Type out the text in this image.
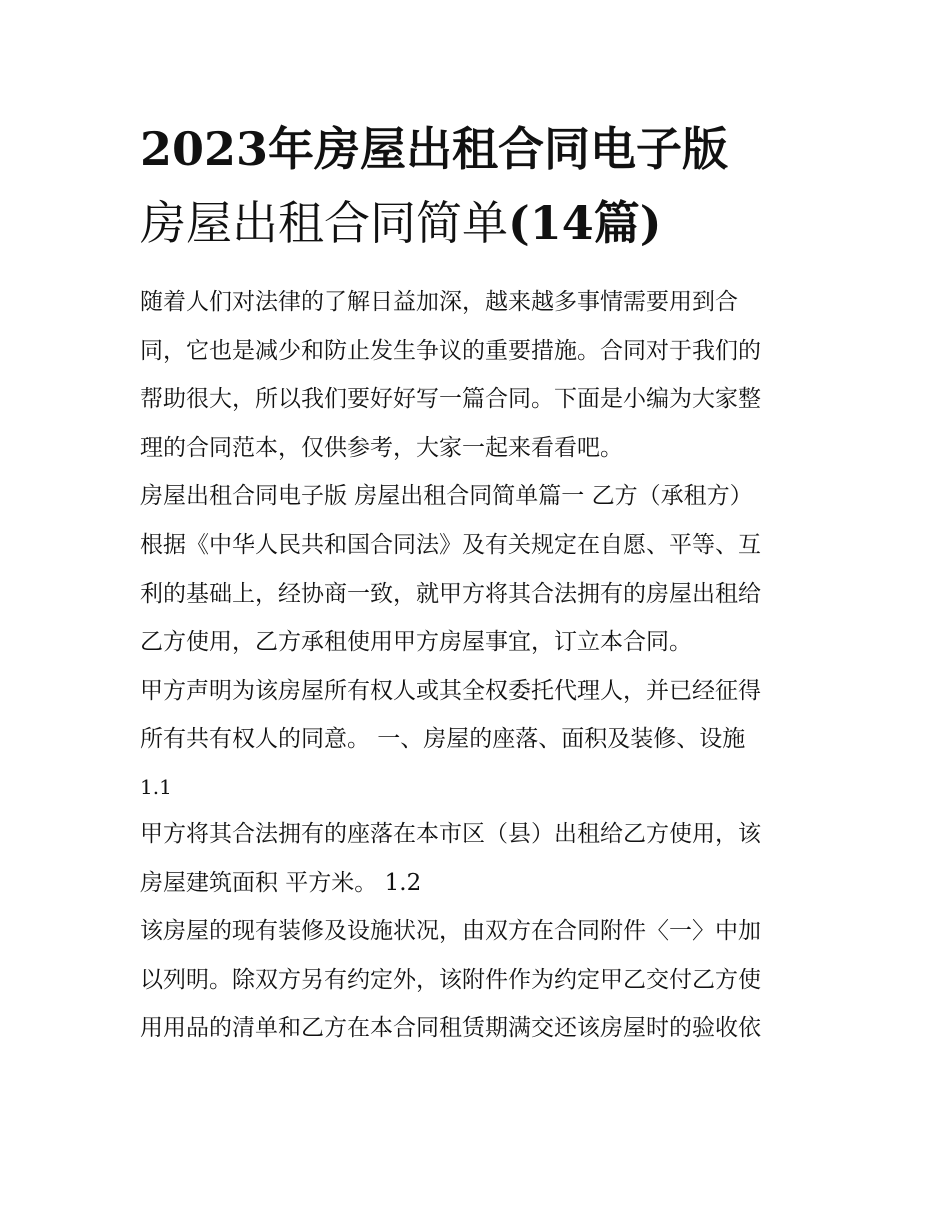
2023年房屋出租合同电子版
房屋出租合同简单(14篇)

随着人们对法律的了解日益加深，越来越多事情需要用到合

同，它也是减少和防止发生争议的重要措施。合同对于我们的

帮助很大，所以我们要好好写一篇合同。下面是小编为大家整

理的合同范本，仅供参考，大家一起来看看吧。

房屋出租合同电子版 房屋出租合同简单篇一 乙方（承租方）

根据《中华人民共和国合同法》及有关规定在自愿、平等、互

利的基础上，经协商一致，就甲方将其合法拥有的房屋出租给

乙方使用，乙方承租使用甲方房屋事宜，订立本合同。

甲方声明为该房屋所有权人或其全权委托代理人，并已经征得

所有共有权人的同意。 一、房屋的座落、面积及装修、设施

1.1

甲方将其合法拥有的座落在本市区（县）出租给乙方使用，该

房屋建筑面积 平方米。 1.2

该房屋的现有装修及设施状况，由双方在合同附件〈一〉中加

以列明。除双方另有约定外，该附件作为约定甲乙交付乙方使

用用品的清单和乙方在本合同租赁期满交还该房屋时的验收依
